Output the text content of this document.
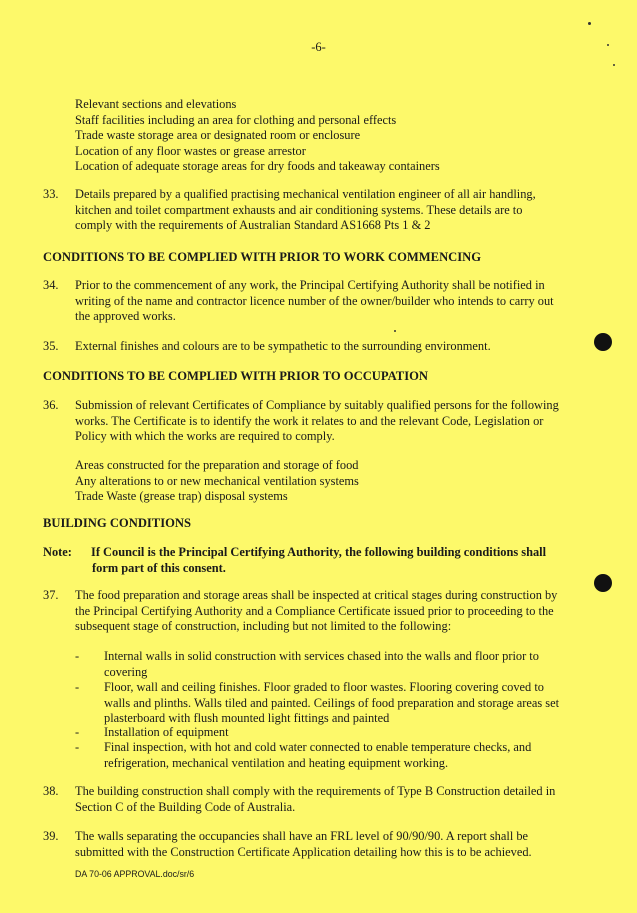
-6-
Relevant sections and elevations
Staff facilities including an area for clothing and personal effects
Trade waste storage area or designated room or enclosure
Location of any floor wastes or grease arrestor
Location of adequate storage areas for dry foods and takeaway containers
33.	Details prepared by a qualified practising mechanical ventilation engineer of all air handling,
kitchen and toilet compartment exhausts and air conditioning systems. These details are to
comply with the requirements of Australian Standard AS1668 Pts 1 & 2
CONDITIONS TO BE COMPLIED WITH PRIOR TO WORK COMMENCING
34.	Prior to the commencement of any work, the Principal Certifying Authority shall be notified in
writing of the name and contractor licence number of the owner/builder who intends to carry out
the approved works.
35.	External finishes and colours are to be sympathetic to the surrounding environment.
CONDITIONS TO BE COMPLIED WITH PRIOR TO OCCUPATION
36.	Submission of relevant Certificates of Compliance by suitably qualified persons for the following
works. The Certificate is to identify the work it relates to and the relevant Code, Legislation or
Policy with which the works are required to comply.
Areas constructed for the preparation and storage of food
Any alterations to or new mechanical ventilation systems
Trade Waste (grease trap) disposal systems
BUILDING CONDITIONS
Note: If Council is the Principal Certifying Authority, the following building conditions shall
form part of this consent.
37.	The food preparation and storage areas shall be inspected at critical stages during construction by
the Principal Certifying Authority and a Compliance Certificate issued prior to proceeding to the
subsequent stage of construction, including but not limited to the following:
-	Internal walls in solid construction with services chased into the walls and floor prior to
covering
-	Floor, wall and ceiling finishes. Floor graded to floor wastes. Flooring covering coved to
walls and plinths. Walls tiled and painted. Ceilings of food preparation and storage areas set
plasterboard with flush mounted light fittings and painted
-	Installation of equipment
-	Final inspection, with hot and cold water connected to enable temperature checks, and
refrigeration, mechanical ventilation and heating equipment working.
38.	The building construction shall comply with the requirements of Type B Construction detailed in
Section C of the Building Code of Australia.
39.	The walls separating the occupancies shall have an FRL level of 90/90/90. A report shall be
submitted with the Construction Certificate Application detailing how this is to be achieved.
DA 70-06 APPROVAL.doc/sr/6
